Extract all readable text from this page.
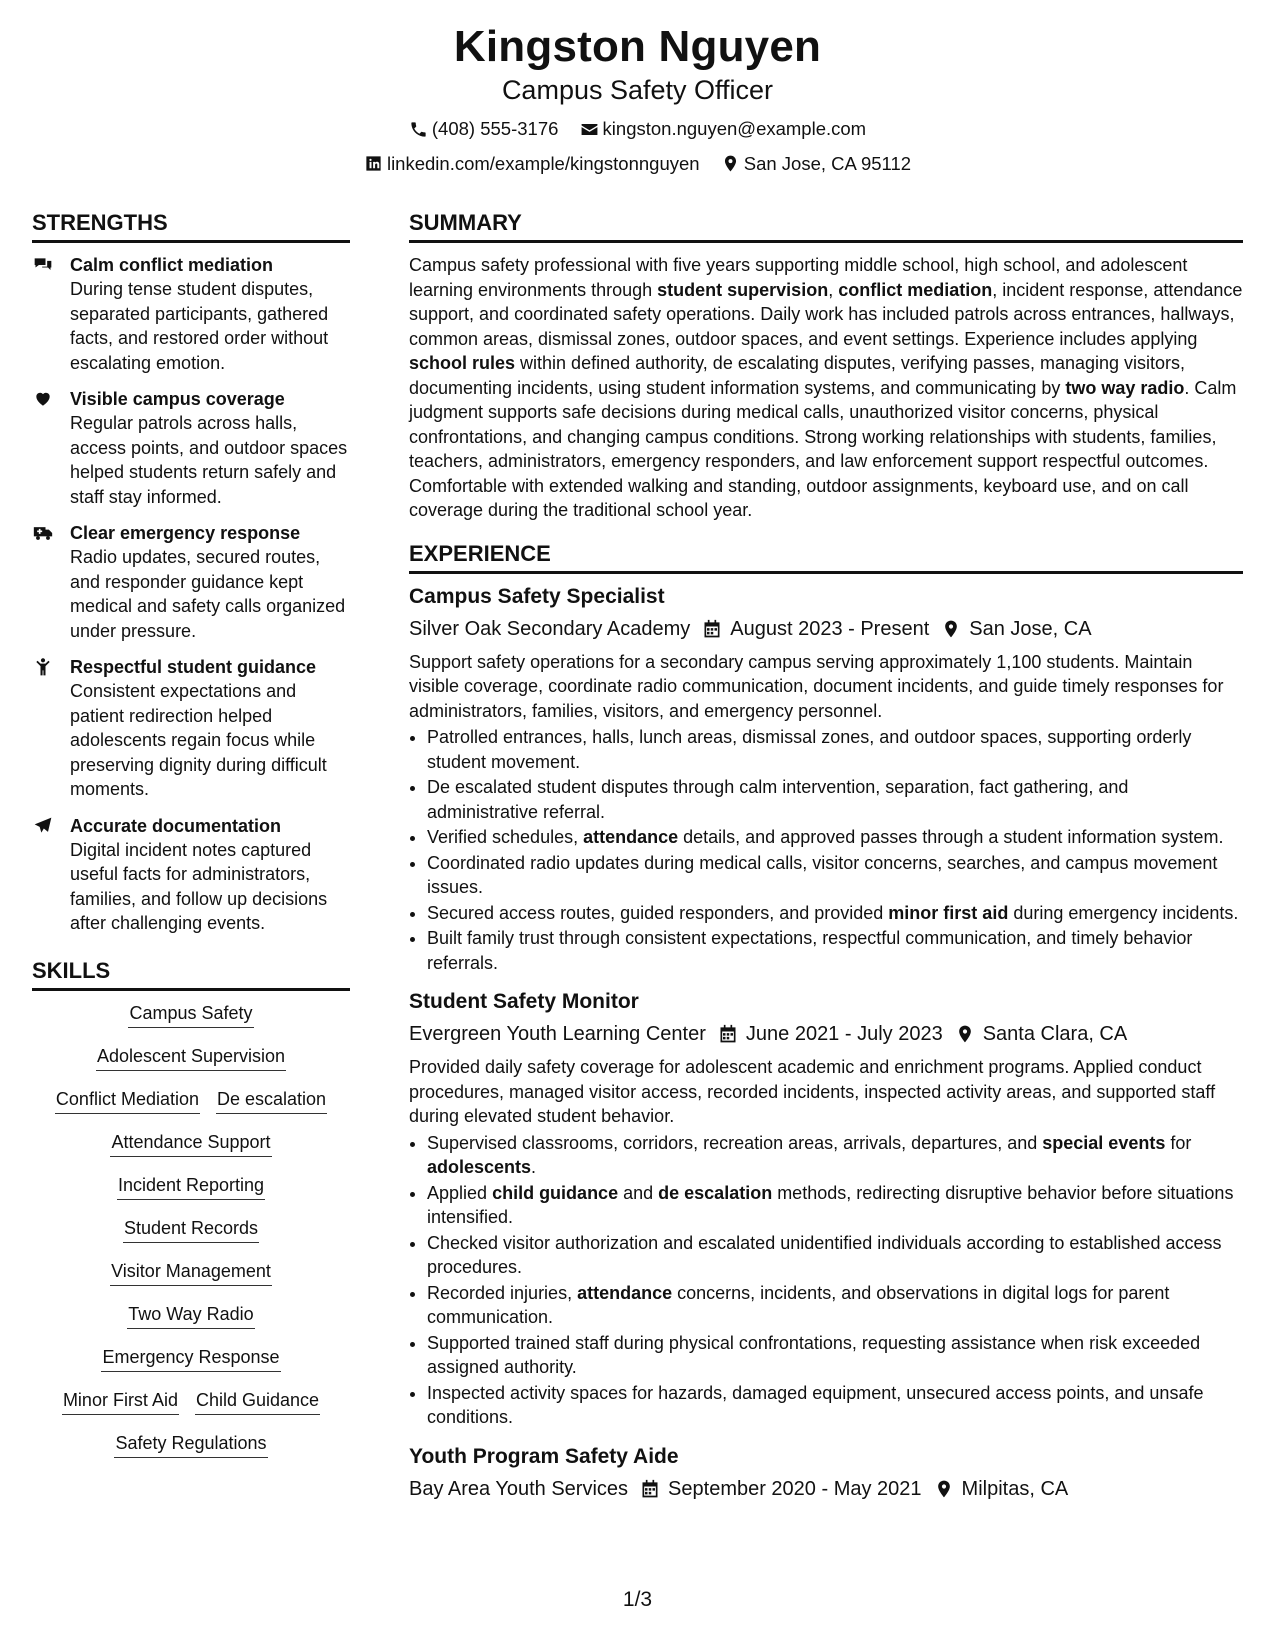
Kingston Nguyen
Campus Safety Officer
(408) 555-3176
kingston.nguyen@example.com
linkedin.com/example/kingstonnguyen
San Jose, CA 95112
STRENGTHS
Calm conflict mediation
During tense student disputes, separated participants, gathered facts, and restored order without escalating emotion.
Visible campus coverage
Regular patrols across halls, access points, and outdoor spaces helped students return safely and staff stay informed.
Clear emergency response
Radio updates, secured routes, and responder guidance kept medical and safety calls organized under pressure.
Respectful student guidance
Consistent expectations and patient redirection helped adolescents regain focus while preserving dignity during difficult moments.
Accurate documentation
Digital incident notes captured useful facts for administrators, families, and follow up decisions after challenging events.
SKILLS
Campus Safety
Adolescent Supervision
Conflict Mediation De escalation
Attendance Support
Incident Reporting
Student Records
Visitor Management
Two Way Radio
Emergency Response
Minor First Aid Child Guidance
Safety Regulations
SUMMARY
Campus safety professional with five years supporting middle school, high school, and adolescent learning environments through student supervision, conflict mediation, incident response, attendance support, and coordinated safety operations. Daily work has included patrols across entrances, hallways, common areas, dismissal zones, outdoor spaces, and event settings. Experience includes applying school rules within defined authority, de escalating disputes, verifying passes, managing visitors, documenting incidents, using student information systems, and communicating by two way radio. Calm judgment supports safe decisions during medical calls, unauthorized visitor concerns, physical confrontations, and changing campus conditions. Strong working relationships with students, families, teachers, administrators, emergency responders, and law enforcement support respectful outcomes. Comfortable with extended walking and standing, outdoor assignments, keyboard use, and on call coverage during the traditional school year.
EXPERIENCE
Campus Safety Specialist
Silver Oak Secondary Academy August 2023 - Present San Jose, CA
Support safety operations for a secondary campus serving approximately 1,100 students. Maintain visible coverage, coordinate radio communication, document incidents, and guide timely responses for administrators, families, visitors, and emergency personnel.
• Patrolled entrances, halls, lunch areas, dismissal zones, and outdoor spaces, supporting orderly student movement.
• De escalated student disputes through calm intervention, separation, fact gathering, and administrative referral.
• Verified schedules, attendance details, and approved passes through a student information system.
• Coordinated radio updates during medical calls, visitor concerns, searches, and campus movement issues.
• Secured access routes, guided responders, and provided minor first aid during emergency incidents.
• Built family trust through consistent expectations, respectful communication, and timely behavior referrals.
Student Safety Monitor
Evergreen Youth Learning Center June 2021 - July 2023 Santa Clara, CA
Provided daily safety coverage for adolescent academic and enrichment programs. Applied conduct procedures, managed visitor access, recorded incidents, inspected activity areas, and supported staff during elevated student behavior.
• Supervised classrooms, corridors, recreation areas, arrivals, departures, and special events for adolescents.
• Applied child guidance and de escalation methods, redirecting disruptive behavior before situations intensified.
• Checked visitor authorization and escalated unidentified individuals according to established access procedures.
• Recorded injuries, attendance concerns, incidents, and observations in digital logs for parent communication.
• Supported trained staff during physical confrontations, requesting assistance when risk exceeded assigned authority.
• Inspected activity spaces for hazards, damaged equipment, unsecured access points, and unsafe conditions.
Youth Program Safety Aide
Bay Area Youth Services September 2020 - May 2021 Milpitas, CA
1/3
